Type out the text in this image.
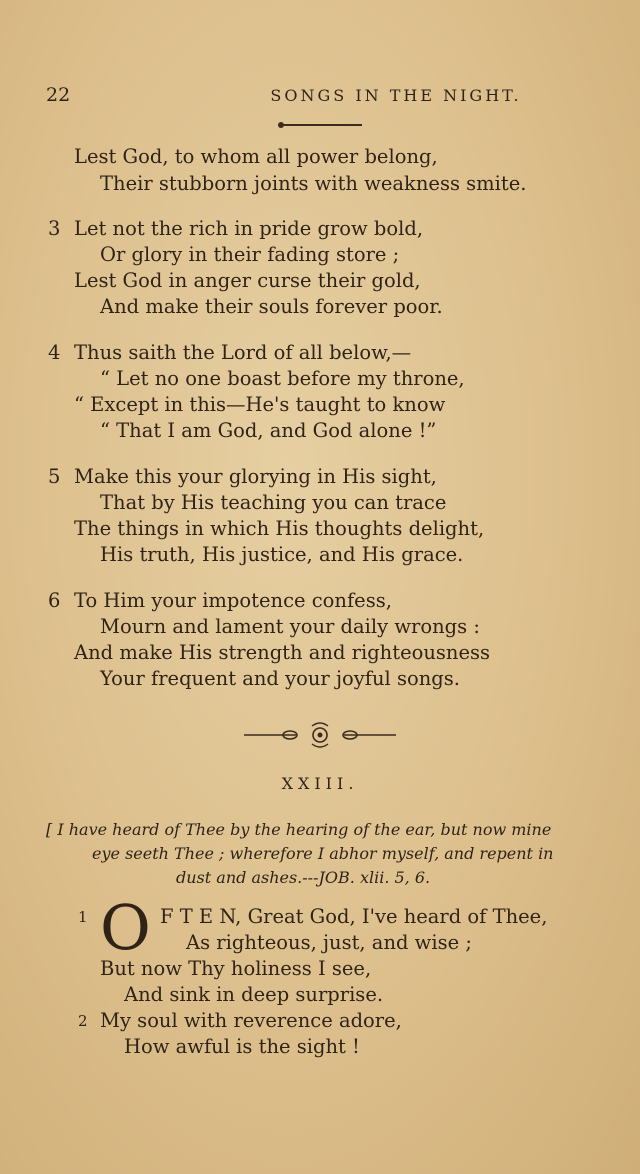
22	SONGS IN THE NIGHT.
Lest God, to whom all power belong,
Their stubborn joints with weakness smite.
3 Let not the rich in pride grow bold,
Or glory in their fading store ;
Lest God in anger curse their gold,
And make their souls forever poor.
4 Thus saith the Lord of all below,—
“ Let no one boast before my throne,
“ Except in this—He's taught to know
“ That I am God, and God alone !”
5 Make this your glorying in His sight,
That by His teaching you can trace
The things in which His thoughts delight,
His truth, His justice, and His grace.
6 To Him your impotence confess,
Mourn and lament your daily wrongs :
And make His strength and righteousness
Your frequent and your joyful songs.
XXIII.
[ I have heard of Thee by the hearing of the ear, but now mine
eye seeth Thee ; wherefore I abhor myself, and repent in
dust and ashes.---JOB. xlii. 5, 6.
1 O F T E N, Great God, I've heard of Thee,
As righteous, just, and wise ;
But now Thy holiness I see,
And sink in deep surprise.
2 My soul with reverence adore,
How awful is the sight !
